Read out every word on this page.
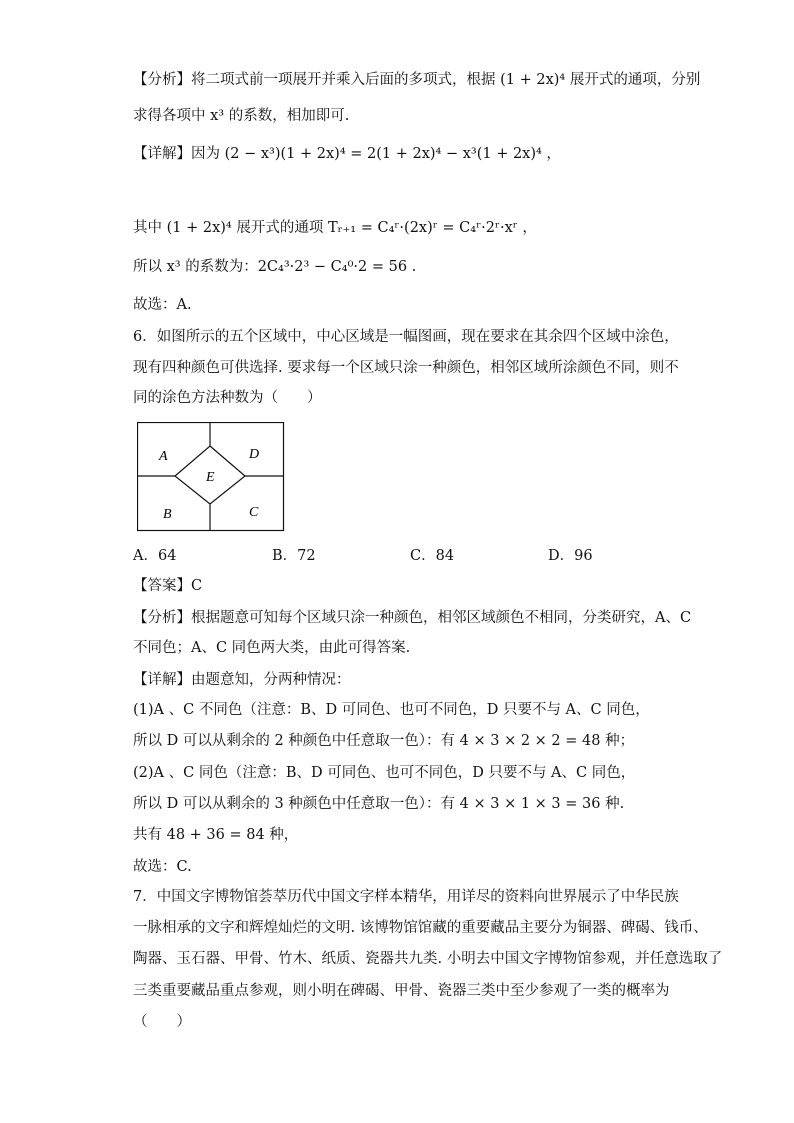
【分析】将二项式前一项展开并乘入后面的多项式，根据 (1 + 2x)⁴ 展开式的通项，分别
求得各项中 x³ 的系数，相加即可.
【详解】因为 (2 − x³)(1 + 2x)⁴ = 2(1 + 2x)⁴ − x³(1 + 2x)⁴ ，
其中 (1 + 2x)⁴ 展开式的通项 Tᵣ₊₁ = C₄ʳ·(2x)ʳ = C₄ʳ·2ʳ·xʳ ，
所以 x³ 的系数为：2C₄³·2³ − C₄⁰·2 = 56 .
故选：A.
6．如图所示的五个区域中，中心区域是一幅图画，现在要求在其余四个区域中涂色，
现有四种颜色可供选择. 要求每一个区域只涂一种颜色，相邻区域所涂颜色不同，则不
同的涂色方法种数为（　　）
A	D
E
B	C
A．64	B．72	C．84	D．96
【答案】C
【分析】根据题意可知每个区域只涂一种颜色，相邻区域颜色不相同，分类研究，A、C
不同色；A、C 同色两大类，由此可得答案.
【详解】由题意知，分两种情况：
(1)A 、C 不同色（注意：B、D 可同色、也可不同色，D 只要不与 A、C 同色，
所以 D 可以从剩余的 2 种颜色中任意取一色）：有 4 × 3 × 2 × 2 = 48 种；
(2)A 、C 同色（注意：B、D 可同色、也可不同色，D 只要不与 A、C 同色，
所以 D 可以从剩余的 3 种颜色中任意取一色）：有 4 × 3 × 1 × 3 = 36 种.
共有 48 + 36 = 84 种，
故选：C.
7．中国文字博物馆荟萃历代中国文字样本精华，用详尽的资料向世界展示了中华民族
一脉相承的文字和辉煌灿烂的文明. 该博物馆馆藏的重要藏品主要分为铜器、碑碣、钱币、
陶器、玉石器、甲骨、竹木、纸质、瓷器共九类. 小明去中国文字博物馆参观，并任意选取了
三类重要藏品重点参观，则小明在碑碣、甲骨、瓷器三类中至少参观了一类的概率为
（　　）
